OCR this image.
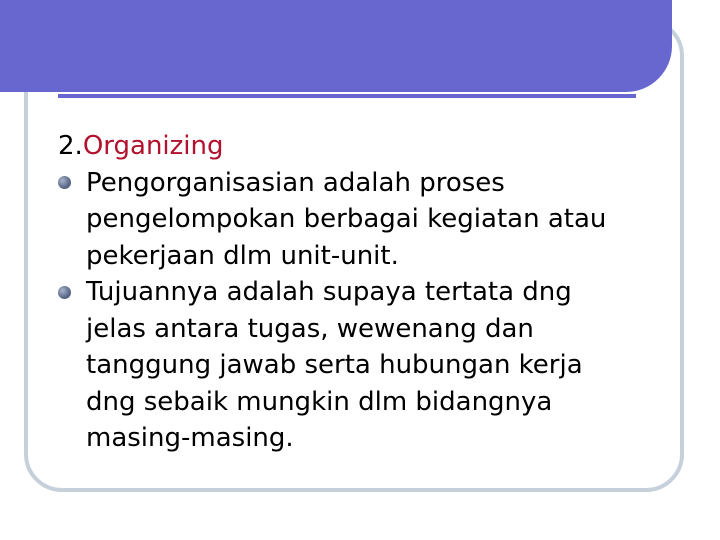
2.Organizing
Pengorganisasian adalah proses
pengelompokan berbagai kegiatan atau
pekerjaan dlm unit-unit.
Tujuannya adalah supaya tertata dng
jelas antara tugas, wewenang dan
tanggung jawab serta hubungan kerja
dng sebaik mungkin dlm bidangnya
masing-masing.
